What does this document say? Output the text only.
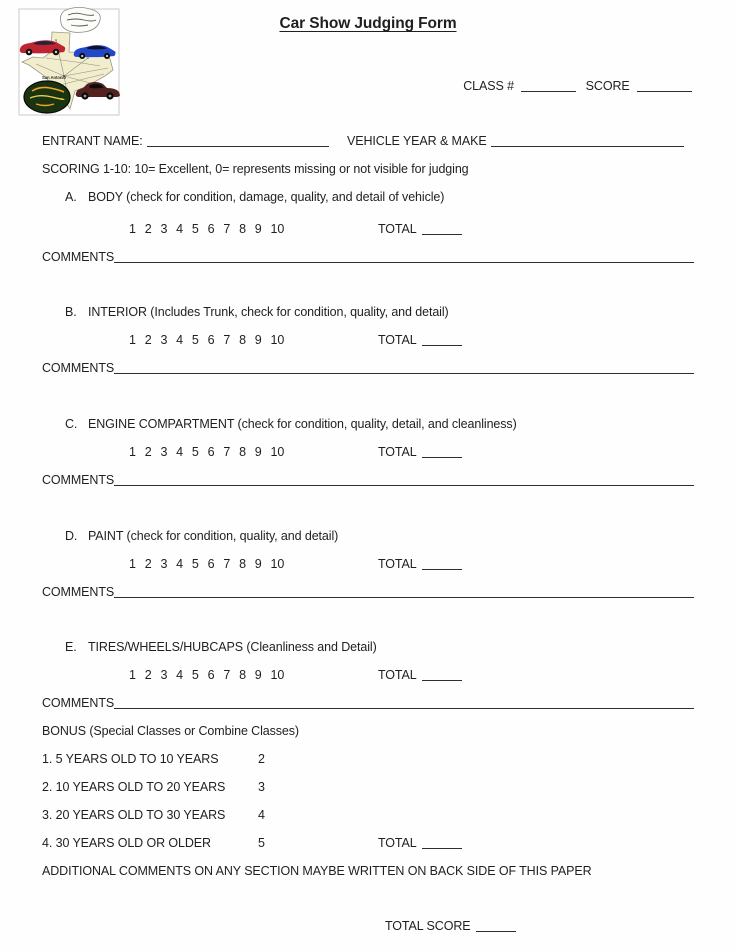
San Antonio
Car Show Judging Form
CLASS #	SCORE
ENTRANT NAME:	VEHICLE YEAR & MAKE
SCORING 1-10: 10= Excellent, 0= represents missing or not visible for judging
A. BODY (check for condition, damage, quality, and detail of vehicle)
1 2 3 4 5 6 7 8 9 10	TOTAL
COMMENTS
B. INTERIOR (Includes Trunk, check for condition, quality, and detail)
1 2 3 4 5 6 7 8 9 10	TOTAL
COMMENTS
C. ENGINE COMPARTMENT (check for condition, quality, detail, and cleanliness)
1 2 3 4 5 6 7 8 9 10	TOTAL
COMMENTS
D. PAINT (check for condition, quality, and detail)
1 2 3 4 5 6 7 8 9 10	TOTAL
COMMENTS
E. TIRES/WHEELS/HUBCAPS (Cleanliness and Detail)
1 2 3 4 5 6 7 8 9 10	TOTAL
COMMENTS
BONUS (Special Classes or Combine Classes)
1. 5 YEARS OLD TO 10 YEARS	2
2. 10 YEARS OLD TO 20 YEARS	3
3. 20 YEARS OLD TO 30 YEARS	4
4. 30 YEARS OLD OR OLDER	5	TOTAL
ADDITIONAL COMMENTS ON ANY SECTION MAYBE WRITTEN ON BACK SIDE OF THIS PAPER
TOTAL SCORE
